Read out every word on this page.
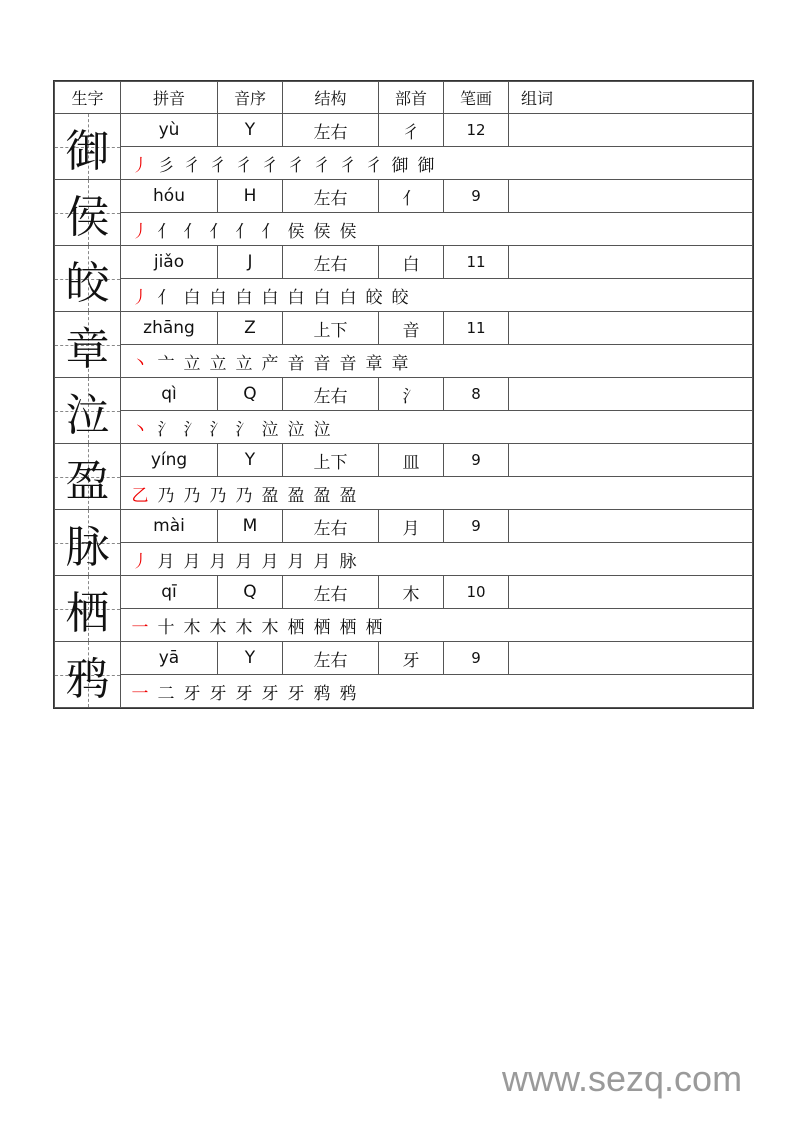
生字	拼音	音序	结构	部首	笔画	组词

御	yù	Y	左右	彳	12	
	丿 彡 彳 彳 彳 彳 彳 彳 彳 彳 御 御					

侯	hóu	H	左右	亻	9	
	丿 亻 亻 亻 亻 亻 侯 侯 侯					

皎	jiǎo	J	左右	白	11	
	丿 亻 白 白 白 白 白 白 白 皎 皎					

章	zhāng	Z	上下	音	11	
	丶 亠 立 立 立 产 音 音 音 章 章					

泣	qì	Q	左右	氵	8	
	丶 氵 氵 氵 氵 泣 泣 泣					

盈	yíng	Y	上下	皿	9	
	乙 乃 乃 乃 乃 盈 盈 盈 盈					

脉	mài	M	左右	月	9	
	丿 月 月 月 月 月 月 月 脉					

栖	qī	Q	左右	木	10	
	一 十 木 木 木 木 栖 栖 栖 栖					

鸦	yā	Y	左右	牙	9	
	一 二 牙 牙 牙 牙 牙 鸦 鸦					
www.sezq.com
